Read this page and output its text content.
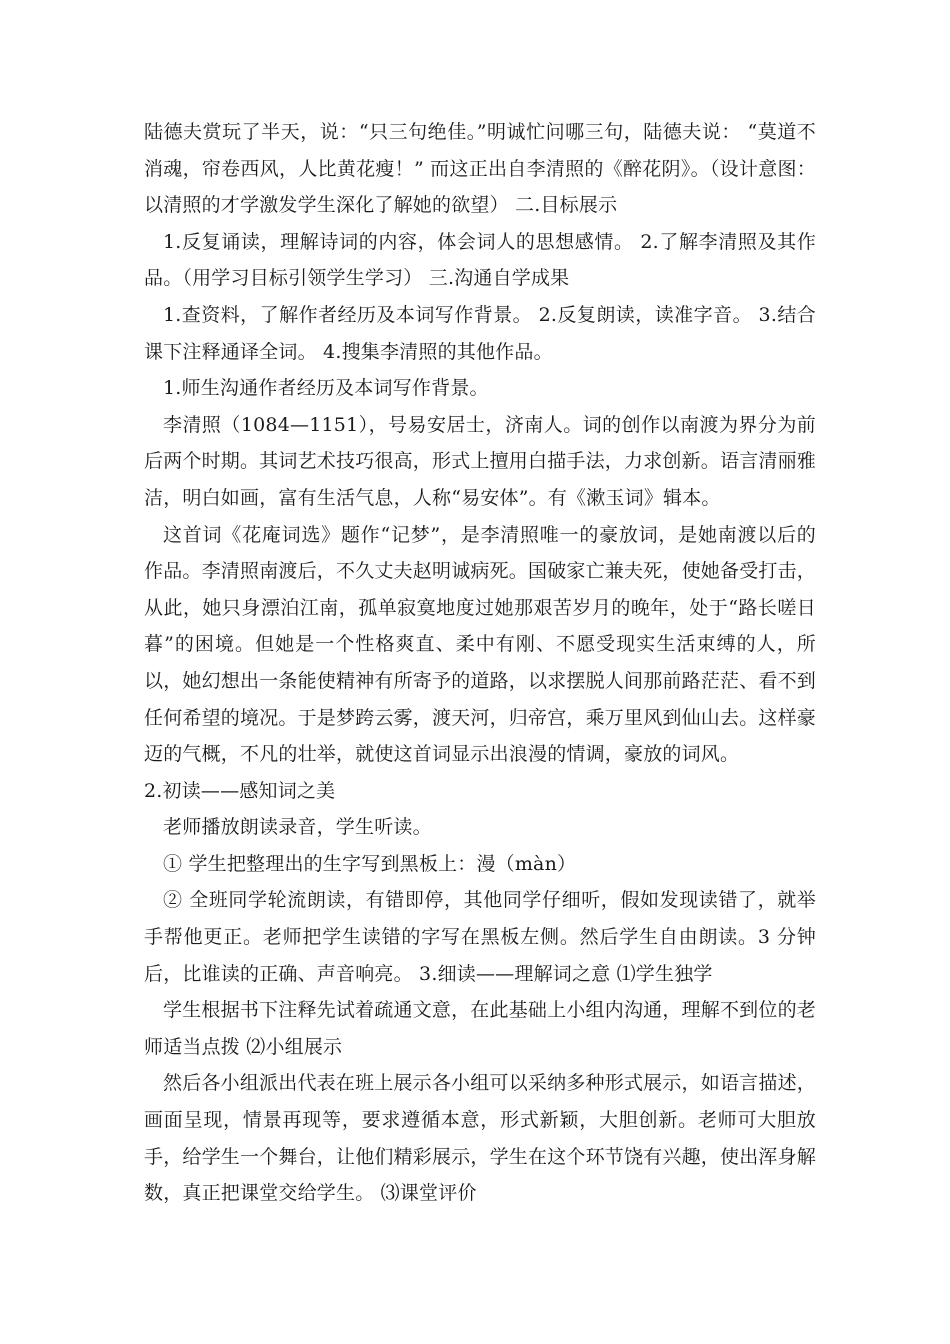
陆德夫赏玩了半天，说：“只三句绝佳。”明诚忙问哪三句，陆德夫说： “莫道不消魂，帘卷西风，人比黄花瘦！” 而这正出自李清照的《醉花阴》。（设计意图：以清照的才学激发学生深化了解她的欲望） 二.目标展示

1.反复诵读，理解诗词的内容，体会词人的思想感情。 2.了解李清照及其作品。（用学习目标引领学生学习） 三.沟通自学成果

1.查资料，了解作者经历及本词写作背景。 2.反复朗读，读准字音。 3.结合课下注释通译全词。 4.搜集李清照的其他作品。

1.师生沟通作者经历及本词写作背景。

李清照（1084—1151），号易安居士，济南人。词的创作以南渡为界分为前后两个时期。其词艺术技巧很高，形式上擅用白描手法，力求创新。语言清丽雅洁，明白如画，富有生活气息，人称“易安体”。有《漱玉词》辑本。

这首词《花庵词选》题作“记梦”，是李清照唯一的豪放词，是她南渡以后的作品。李清照南渡后，不久丈夫赵明诚病死。国破家亡兼夫死，使她备受打击，从此，她只身漂泊江南，孤单寂寞地度过她那艰苦岁月的晚年，处于“路长嗟日暮”的困境。但她是一个性格爽直、柔中有刚、不愿受现实生活束缚的人，所以，她幻想出一条能使精神有所寄予的道路，以求摆脱人间那前路茫茫、看不到任何希望的境况。于是梦跨云雾，渡天河，归帝宫，乘万里风到仙山去。这样豪迈的气概，不凡的壮举，就使这首词显示出浪漫的情调，豪放的词风。

2.初读——感知词之美

老师播放朗读录音，学生听读。

① 学生把整理出的生字写到黑板上：漫（màn）

② 全班同学轮流朗读，有错即停，其他同学仔细听，假如发现读错了，就举手帮他更正。老师把学生读错的字写在黑板左侧。然后学生自由朗读。3 分钟后，比谁读的正确、声音响亮。 3.细读——理解词之意 ⑴学生独学

学生根据书下注释先试着疏通文意，在此基础上小组内沟通，理解不到位的老师适当点拨 ⑵小组展示

然后各小组派出代表在班上展示各小组可以采纳多种形式展示，如语言描述，画面呈现，情景再现等，要求遵循本意，形式新颖，大胆创新。老师可大胆放手，给学生一个舞台，让他们精彩展示，学生在这个环节饶有兴趣，使出浑身解数，真正把课堂交给学生。 ⑶课堂评价
